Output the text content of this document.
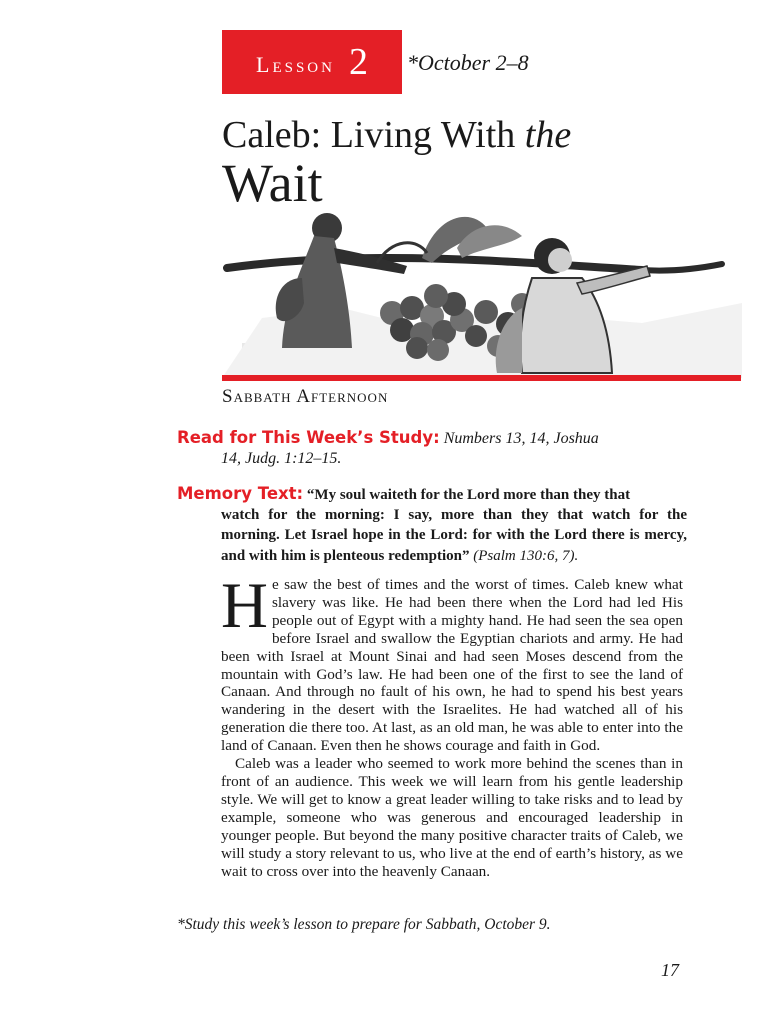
Lesson 2 *October 2–8
Caleb: Living With the
Wait
Sabbath Afternoon
Read for This Week’s Study: Numbers 13, 14, Joshua
14, Judg. 1:12–15.
Memory Text: “My soul waiteth for the Lord more than they that
watch for the morning: I say, more than they that watch for the morning. Let Israel hope in the Lord: for with the Lord there is mercy, and with him is plenteous redemption” (Psalm 130:6, 7).

He saw the best of times and the worst of times. Caleb knew what slavery was like. He had been there when the Lord had led His people out of Egypt with a mighty hand. He had seen the sea open before Israel and swallow the Egyptian chariots and army. He had been with Israel at Mount Sinai and had seen Moses descend from the mountain with God’s law. He had been one of the first to see the land of Canaan. And through no fault of his own, he had to spend his best years wandering in the desert with the Israelites. He had watched all of his generation die there too. At last, as an old man, he was able to enter into the land of Canaan. Even then he shows courage and faith in God.

Caleb was a leader who seemed to work more behind the scenes than in front of an audience. This week we will learn from his gentle leadership style. We will get to know a great leader willing to take risks and to lead by example, someone who was generous and encouraged leadership in younger people. But beyond the many positive character traits of Caleb, we will study a story relevant to us, who live at the end of earth’s history, as we wait to cross over into the heavenly Canaan.

*Study this week’s lesson to prepare for Sabbath, October 9.
17
